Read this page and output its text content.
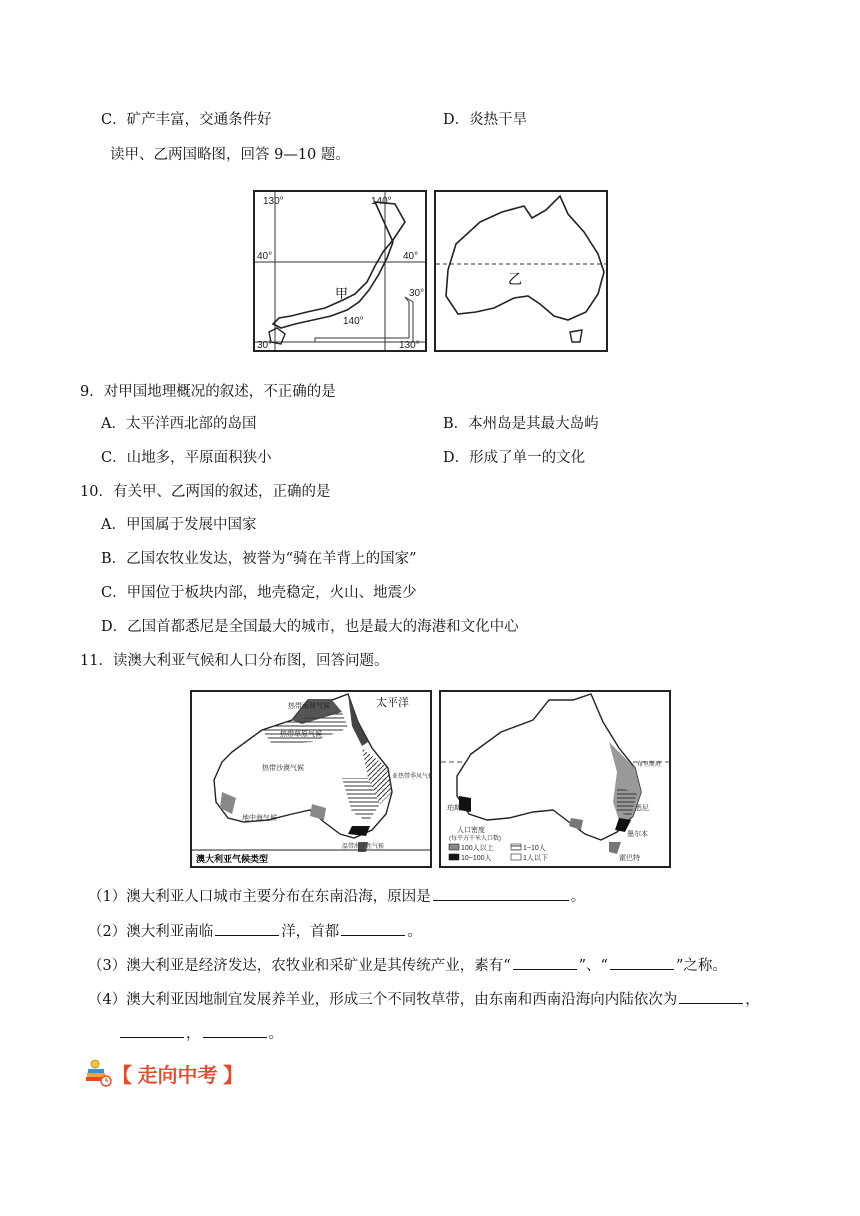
C．矿产丰富，交通条件好	D．炎热干旱
读甲、乙两国略图，回答 9—10 题。
130°	140°
40°	40°
30°
140°
130°
30°
甲
乙
9．对甲国地理概况的叙述，不正确的是
A．太平洋西北部的岛国	B．本州岛是其最大岛屿
C．山地多，平原面积狭小	D．形成了单一的文化
10．有关甲、乙两国的叙述，正确的是
A．甲国属于发展中国家
B．乙国农牧业发达，被誉为“骑在羊背上的国家”
C．甲国位于板块内部，地壳稳定，火山、地震少
D．乙国首都悉尼是全国最大的城市，也是最大的海港和文化中心
11．读澳大利亚气候和人口分布图，回答问题。
太平洋
热带雨林气候
热带草原气候
热带沙漠气候
亚热带季风气候
地中海气候
温带海洋性气候
澳大利亚气候类型
珀斯	悉尼
墨尔本
霍巴特
布里斯班
人口密度
(每平方千米人口数)
100人以上	1~10人
10~100人	1人以下
（1）澳大利亚人口城市主要分布在东南沿海，原因是	。
（2）澳大利亚南临	洋，首都	。
（3）澳大利亚是经济发达，农牧业和采矿业是其传统产业，素有“	”、“	”之称。
（4）澳大利亚因地制宜发展养羊业，形成三个不同牧草带，由东南和西南沿海向内陆依次为	，
，	。
【 走向中考 】
